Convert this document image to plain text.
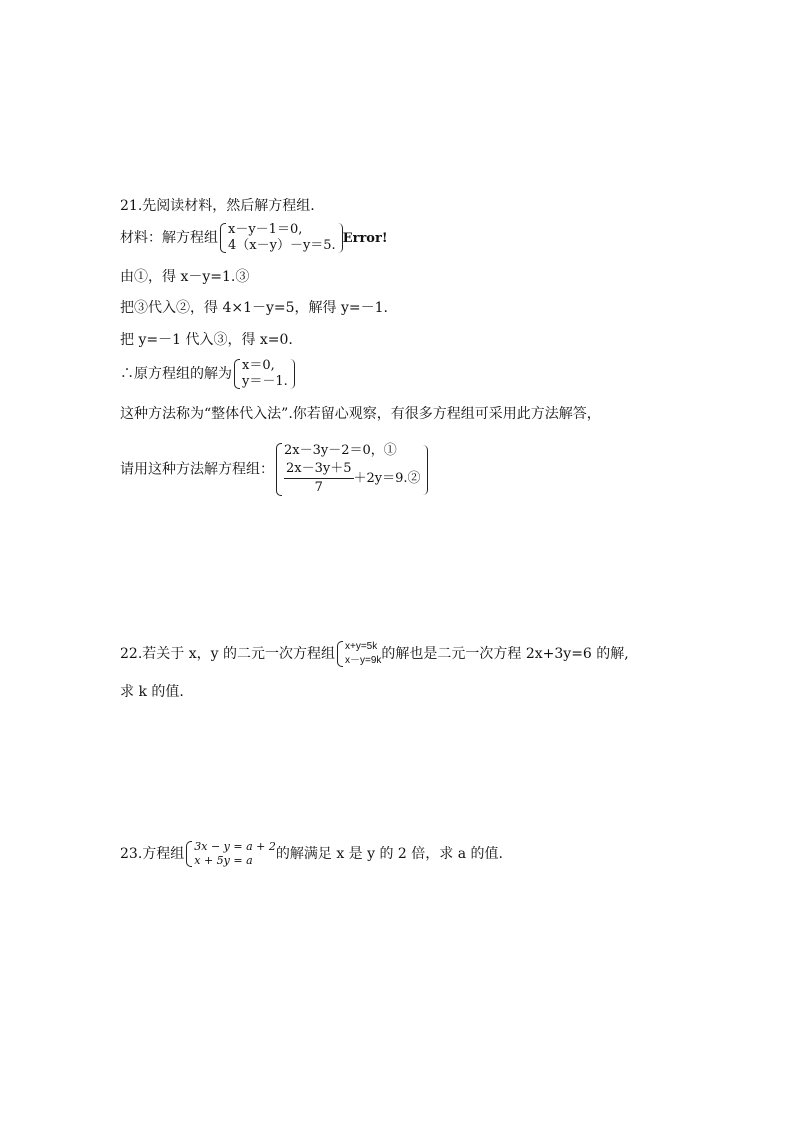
21.先阅读材料，然后解方程组.
材料：解方程组
x－y－1＝0,
4（x－y）－y＝5. Error!
由①，得 x－y=1.③
把③代入②，得 4×1－y=5，解得 y=－1.
把 y=－1 代入③，得 x=0.
∴原方程组的解为
x＝0,
y＝－1.
这种方法称为“整体代入法”.你若留心观察，有很多方程组可采用此方法解答，
请用这种方法解方程组：
2x－3y－2＝0，①
$\frac{2x-3y+5}{7}$ ＋2y＝9.②
22.若关于 x，y 的二元一次方程组 x+y=5k
x－y=9k 的解也是二元一次方程 2x+3y=6 的解,
求 k 的值.
23.方程组 3x − y = a + 2
x + 5y = a	的解满足 x 是 y 的 2 倍，求 a 的值.
